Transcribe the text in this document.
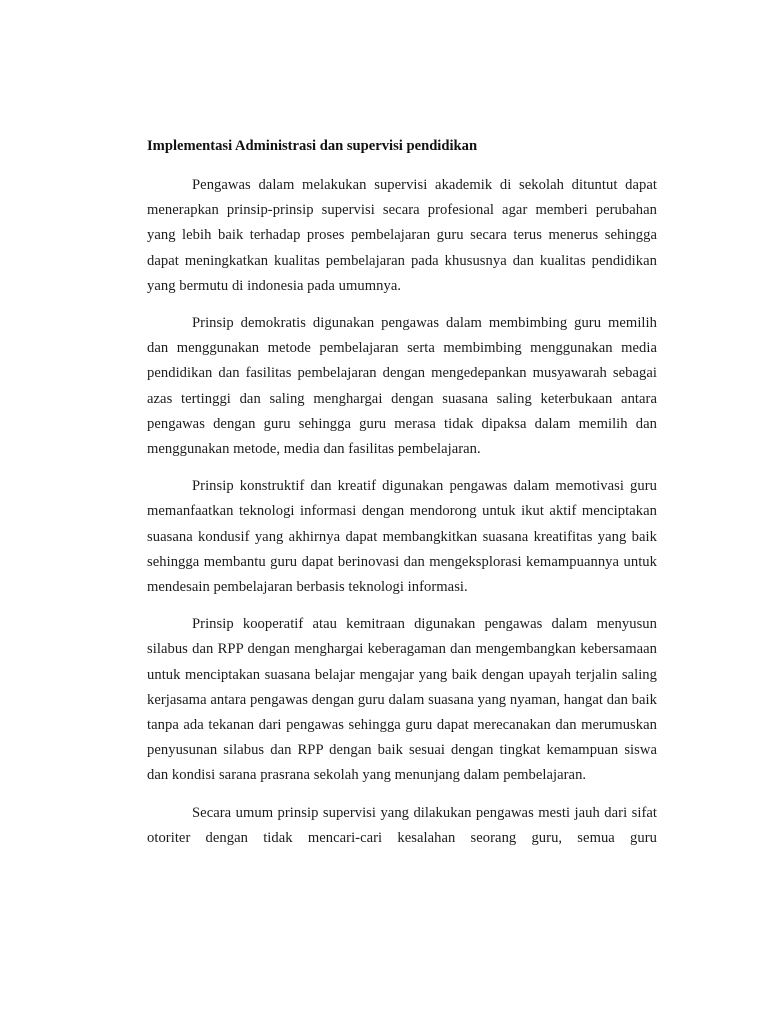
Implementasi Administrasi dan supervisi pendidikan

Pengawas dalam melakukan supervisi akademik di sekolah dituntut dapat menerapkan prinsip-prinsip supervisi secara profesional agar memberi perubahan yang lebih baik terhadap proses pembelajaran guru secara terus menerus sehingga dapat meningkatkan kualitas pembelajaran pada khususnya dan kualitas pendidikan yang bermutu di indonesia pada umumnya.

Prinsip demokratis digunakan pengawas dalam membimbing guru memilih dan menggunakan metode pembelajaran serta membimbing menggunakan media pendidikan dan fasilitas pembelajaran dengan mengedepankan musyawarah sebagai azas tertinggi dan saling menghargai dengan suasana saling keterbukaan antara pengawas dengan guru sehingga guru merasa tidak dipaksa dalam memilih dan menggunakan metode, media dan fasilitas pembelajaran.

Prinsip konstruktif dan kreatif digunakan pengawas dalam memotivasi guru memanfaatkan teknologi informasi dengan mendorong untuk ikut aktif menciptakan suasana kondusif yang akhirnya dapat membangkitkan suasana kreatifitas yang baik sehingga membantu guru dapat berinovasi dan mengeksplorasi kemampuannya untuk mendesain pembelajaran berbasis teknologi informasi.

Prinsip kooperatif atau kemitraan digunakan pengawas dalam menyusun silabus dan RPP dengan menghargai keberagaman dan mengembangkan kebersamaan untuk menciptakan suasana belajar mengajar yang baik dengan upayah terjalin saling kerjasama antara pengawas dengan guru dalam suasana yang nyaman, hangat dan baik tanpa ada tekanan dari pengawas sehingga guru dapat merecanakan dan merumuskan penyusunan silabus dan RPP dengan baik sesuai dengan tingkat kemampuan siswa dan kondisi sarana prasrana sekolah yang menunjang dalam pembelajaran.

Secara umum prinsip supervisi yang dilakukan pengawas mesti jauh dari sifat otoriter dengan tidak mencari-cari kesalahan seorang guru, semua guru
